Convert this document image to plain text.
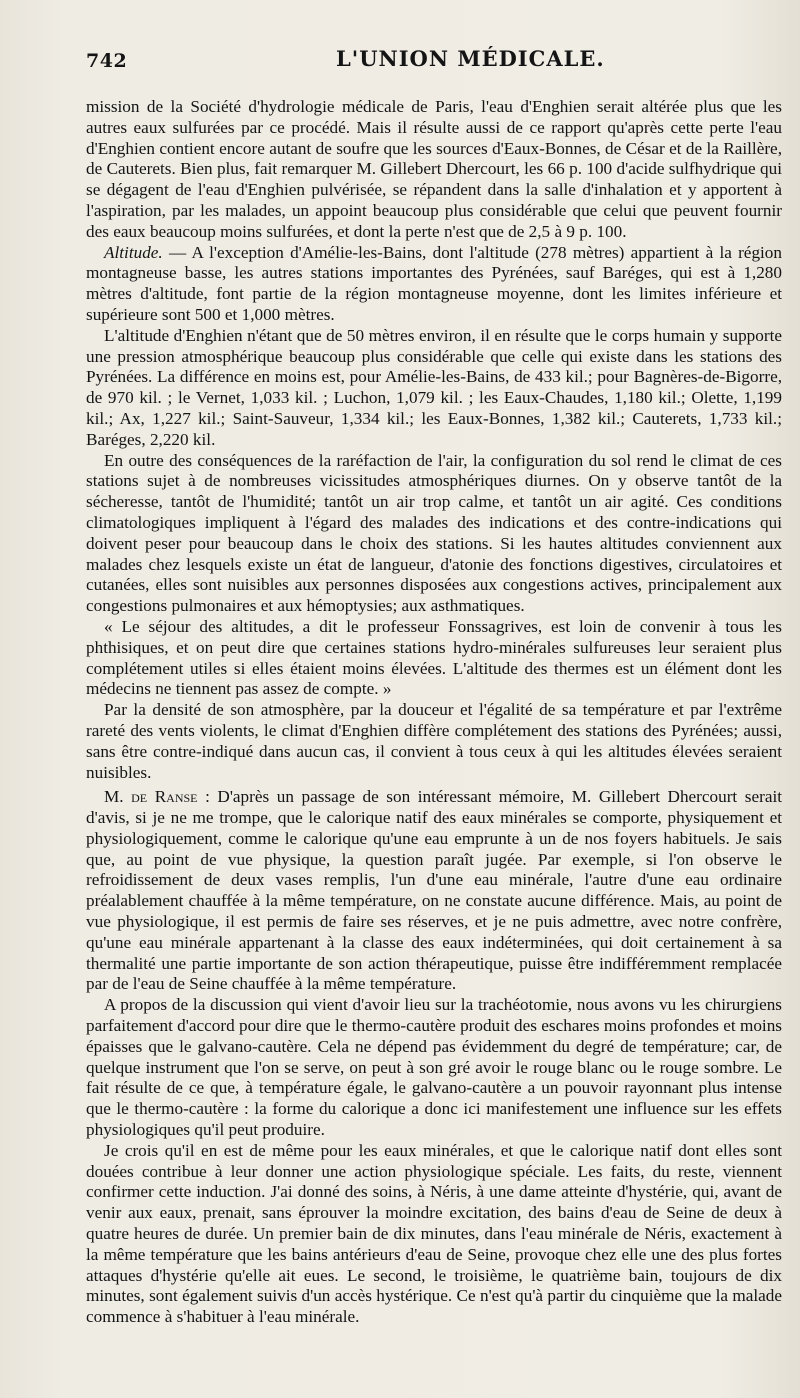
742	L'UNION MÉDICALE.

mission de la Société d'hydrologie médicale de Paris, l'eau d'Enghien serait altérée plus que les autres eaux sulfurées par ce procédé. Mais il résulte aussi de ce rapport qu'après cette perte l'eau d'Enghien contient encore autant de soufre que les sources d'Eaux-Bonnes, de César et de la Raillère, de Cauterets. Bien plus, fait remarquer M. Gillebert Dhercourt, les 66 p. 100 d'acide sulfhydrique qui se dégagent de l'eau d'Enghien pulvérisée, se répandent dans la salle d'inhalation et y apportent à l'aspiration, par les malades, un appoint beaucoup plus considérable que celui que peuvent fournir des eaux beaucoup moins sulfurées, et dont la perte n'est que de 2,5 à 9 p. 100.

Altitude. — A l'exception d'Amélie-les-Bains, dont l'altitude (278 mètres) appartient à la région montagneuse basse, les autres stations importantes des Pyrénées, sauf Baréges, qui est à 1,280 mètres d'altitude, font partie de la région montagneuse moyenne, dont les limites inférieure et supérieure sont 500 et 1,000 mètres.

L'altitude d'Enghien n'étant que de 50 mètres environ, il en résulte que le corps humain y supporte une pression atmosphérique beaucoup plus considérable que celle qui existe dans les stations des Pyrénées. La différence en moins est, pour Amélie-les-Bains, de 433 kil.; pour Bagnères-de-Bigorre, de 970 kil. ; le Vernet, 1,033 kil. ; Luchon, 1,079 kil. ; les Eaux-Chaudes, 1,180 kil.; Olette, 1,199 kil.; Ax, 1,227 kil.; Saint-Sauveur, 1,334 kil.; les Eaux-Bonnes, 1,382 kil.; Cauterets, 1,733 kil.; Baréges, 2,220 kil.

En outre des conséquences de la raréfaction de l'air, la configuration du sol rend le climat de ces stations sujet à de nombreuses vicissitudes atmosphériques diurnes. On y observe tantôt de la sécheresse, tantôt de l'humidité; tantôt un air trop calme, et tantôt un air agité. Ces conditions climatologiques impliquent à l'égard des malades des indications et des contre-indications qui doivent peser pour beaucoup dans le choix des stations. Si les hautes altitudes conviennent aux malades chez lesquels existe un état de langueur, d'atonie des fonctions digestives, circulatoires et cutanées, elles sont nuisibles aux personnes disposées aux congestions actives, principalement aux congestions pulmonaires et aux hémoptysies; aux asthmatiques.

« Le séjour des altitudes, a dit le professeur Fonssagrives, est loin de convenir à tous les phthisiques, et on peut dire que certaines stations hydro-minérales sulfureuses leur seraient plus complétement utiles si elles étaient moins élevées. L'altitude des thermes est un élément dont les médecins ne tiennent pas assez de compte. »

Par la densité de son atmosphère, par la douceur et l'égalité de sa température et par l'extrême rareté des vents violents, le climat d'Enghien diffère complétement des stations des Pyrénées; aussi, sans être contre-indiqué dans aucun cas, il convient à tous ceux à qui les altitudes élevées seraient nuisibles.

M. de Ranse : D'après un passage de son intéressant mémoire, M. Gillebert Dhercourt serait d'avis, si je ne me trompe, que le calorique natif des eaux minérales se comporte, physiquement et physiologiquement, comme le calorique qu'une eau emprunte à un de nos foyers habituels. Je sais que, au point de vue physique, la question paraît jugée. Par exemple, si l'on observe le refroidissement de deux vases remplis, l'un d'une eau minérale, l'autre d'une eau ordinaire préalablement chauffée à la même température, on ne constate aucune différence. Mais, au point de vue physiologique, il est permis de faire ses réserves, et je ne puis admettre, avec notre confrère, qu'une eau minérale appartenant à la classe des eaux indéterminées, qui doit certainement à sa thermalité une partie importante de son action thérapeutique, puisse être indifféremment remplacée par de l'eau de Seine chauffée à la même température.

A propos de la discussion qui vient d'avoir lieu sur la trachéotomie, nous avons vu les chirurgiens parfaitement d'accord pour dire que le thermo-cautère produit des eschares moins profondes et moins épaisses que le galvano-cautère. Cela ne dépend pas évidemment du degré de température; car, de quelque instrument que l'on se serve, on peut à son gré avoir le rouge blanc ou le rouge sombre. Le fait résulte de ce que, à température égale, le galvano-cautère a un pouvoir rayonnant plus intense que le thermo-cautère : la forme du calorique a donc ici manifestement une influence sur les effets physiologiques qu'il peut produire.

Je crois qu'il en est de même pour les eaux minérales, et que le calorique natif dont elles sont douées contribue à leur donner une action physiologique spéciale. Les faits, du reste, viennent confirmer cette induction. J'ai donné des soins, à Néris, à une dame atteinte d'hystérie, qui, avant de venir aux eaux, prenait, sans éprouver la moindre excitation, des bains d'eau de Seine de deux à quatre heures de durée. Un premier bain de dix minutes, dans l'eau minérale de Néris, exactement à la même température que les bains antérieurs d'eau de Seine, provoque chez elle une des plus fortes attaques d'hystérie qu'elle ait eues. Le second, le troisième, le quatrième bain, toujours de dix minutes, sont également suivis d'un accès hystérique. Ce n'est qu'à partir du cinquième que la malade commence à s'habituer à l'eau minérale.
